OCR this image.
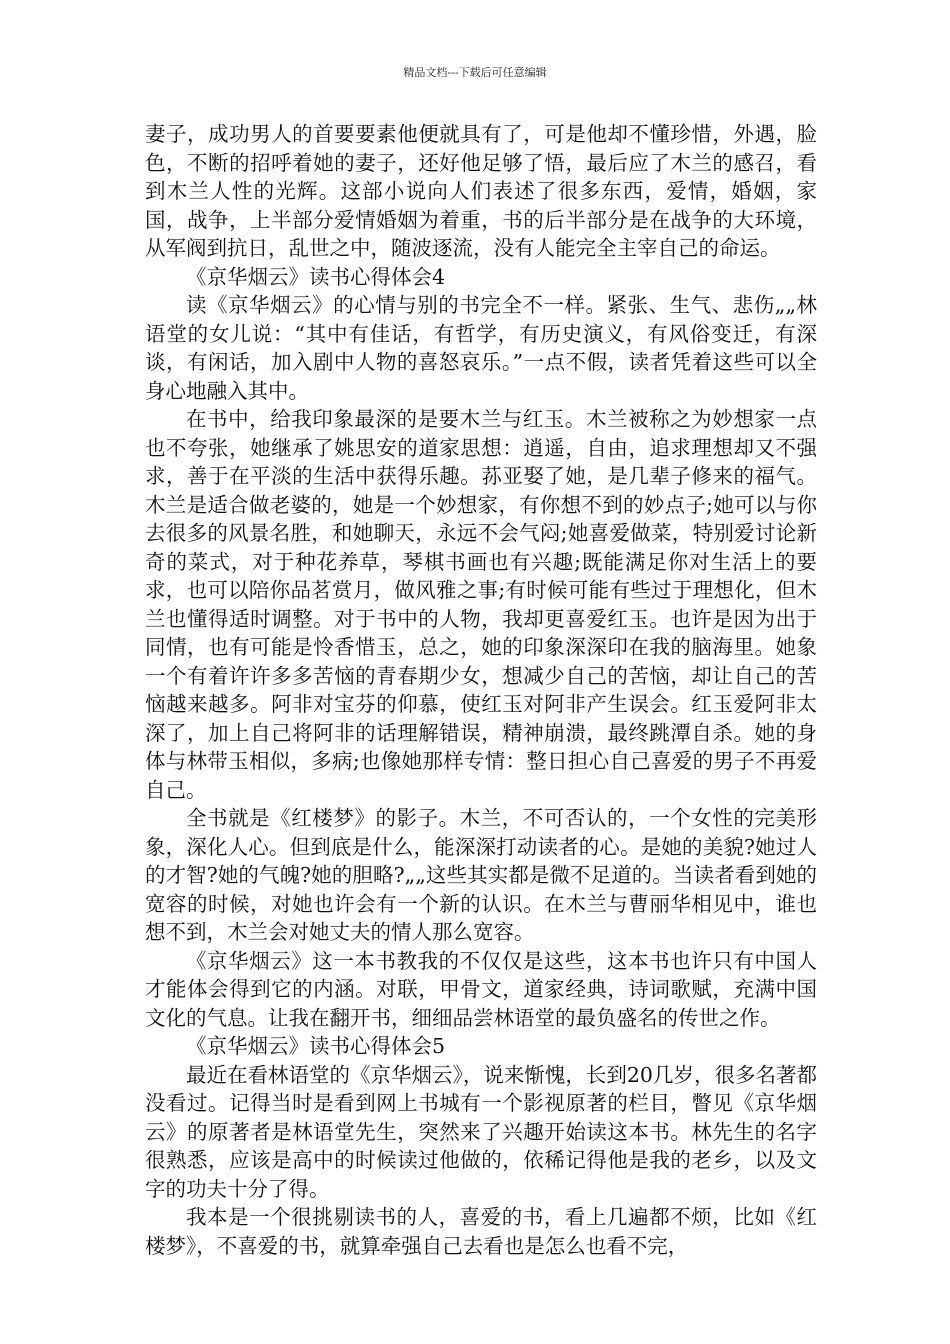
精品文档---下载后可任意编辑

妻子，成功男人的首要要素他便就具有了，可是他却不懂珍惜，外遇，脸色，不断的招呼着她的妻子，还好他足够了悟，最后应了木兰的感召，看到木兰人性的光辉。这部小说向人们表述了很多东西，爱情，婚姻，家国，战争，上半部分爱情婚姻为着重，书的后半部分是在战争的大环境，从军阀到抗日，乱世之中，随波逐流，没有人能完全主宰自己的命运。

《京华烟云》读书心得体会4

读《京华烟云》的心情与别的书完全不一样。紧张、生气、悲伤„„林语堂的女儿说：“其中有佳话，有哲学，有历史演义，有风俗变迁，有深谈，有闲话，加入剧中人物的喜怒哀乐。”一点不假，读者凭着这些可以全身心地融入其中。

在书中，给我印象最深的是要木兰与红玉。木兰被称之为妙想家一点也不夸张，她继承了姚思安的道家思想：逍遥，自由，追求理想却又不强求，善于在平淡的生活中获得乐趣。荪亚娶了她，是几辈子修来的福气。木兰是适合做老婆的，她是一个妙想家，有你想不到的妙点子;她可以与你去很多的风景名胜，和她聊天，永远不会气闷;她喜爱做菜，特别爱讨论新奇的菜式，对于种花养草，琴棋书画也有兴趣;既能满足你对生活上的要求，也可以陪你品茗赏月，做风雅之事;有时候可能有些过于理想化，但木兰也懂得适时调整。对于书中的人物，我却更喜爱红玉。也许是因为出于同情，也有可能是怜香惜玉，总之，她的印象深深印在我的脑海里。她象一个有着许许多多苦恼的青春期少女，想减少自己的苦恼，却让自己的苦恼越来越多。阿非对宝芬的仰慕，使红玉对阿非产生误会。红玉爱阿非太深了，加上自己将阿非的话理解错误，精神崩溃，最终跳潭自杀。她的身体与林带玉相似，多病;也像她那样专情：整日担心自己喜爱的男子不再爱自己。

全书就是《红楼梦》的影子。木兰，不可否认的，一个女性的完美形象，深化人心。但到底是什么，能深深打动读者的心。是她的美貌?她过人的才智?她的气魄?她的胆略?„„这些其实都是微不足道的。当读者看到她的宽容的时候，对她也许会有一个新的认识。在木兰与曹丽华相见中，谁也想不到，木兰会对她丈夫的情人那么宽容。

《京华烟云》这一本书教我的不仅仅是这些，这本书也许只有中国人才能体会得到它的内涵。对联，甲骨文，道家经典，诗词歌赋，充满中国文化的气息。让我在翻开书，细细品尝林语堂的最负盛名的传世之作。

《京华烟云》读书心得体会5

最近在看林语堂的《京华烟云》，说来惭愧，长到20几岁，很多名著都没看过。记得当时是看到网上书城有一个影视原著的栏目，瞥见《京华烟云》的原著者是林语堂先生，突然来了兴趣开始读这本书。林先生的名字很熟悉，应该是高中的时候读过他做的，依稀记得他是我的老乡，以及文字的功夫十分了得。

我本是一个很挑剔读书的人，喜爱的书，看上几遍都不烦，比如《红楼梦》，不喜爱的书，就算牵强自己去看也是怎么也看不完，
